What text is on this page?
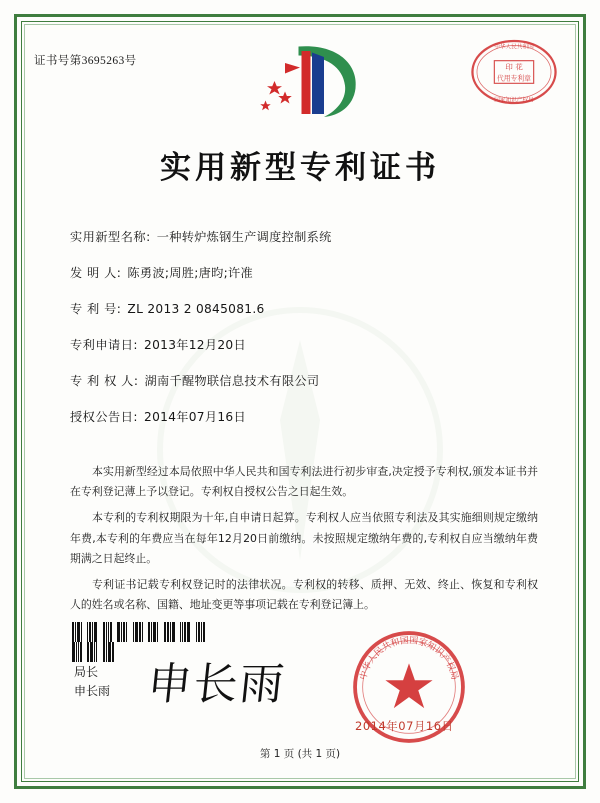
证书号第3695263号
印 花
代用专利章
中华人民共和国
国家知识产权局
实用新型专利证书
实用新型名称: 一种转炉炼钢生产调度控制系统
发 明 人: 陈勇波;周胜;唐昀;许准
专 利 号: ZL 2013 2 0845081.6
专利申请日: 2013年12月20日
专 利 权 人: 湖南千醒物联信息技术有限公司
授权公告日: 2014年07月16日

本实用新型经过本局依照中华人民共和国专利法进行初步审查,决定授予专利权,颁发本证书并在专利登记薄上予以登记。专利权自授权公告之日起生效。

本专利的专利权期限为十年,自申请日起算。专利权人应当依照专利法及其实施细则规定缴纳年费,本专利的年费应当在每年12月20日前缴纳。未按照规定缴纳年费的,专利权自应当缴纳年费期满之日起终止。

专利证书记载专利权登记时的法律状况。专利权的转移、质押、无效、终止、恢复和专利权人的姓名或名称、国籍、地址变更等事项记载在专利登记簿上。

局长
申长雨 申长雨	中华人民共和国国家知识产权局
2014年07月16日
第 1 页 (共 1 页)
